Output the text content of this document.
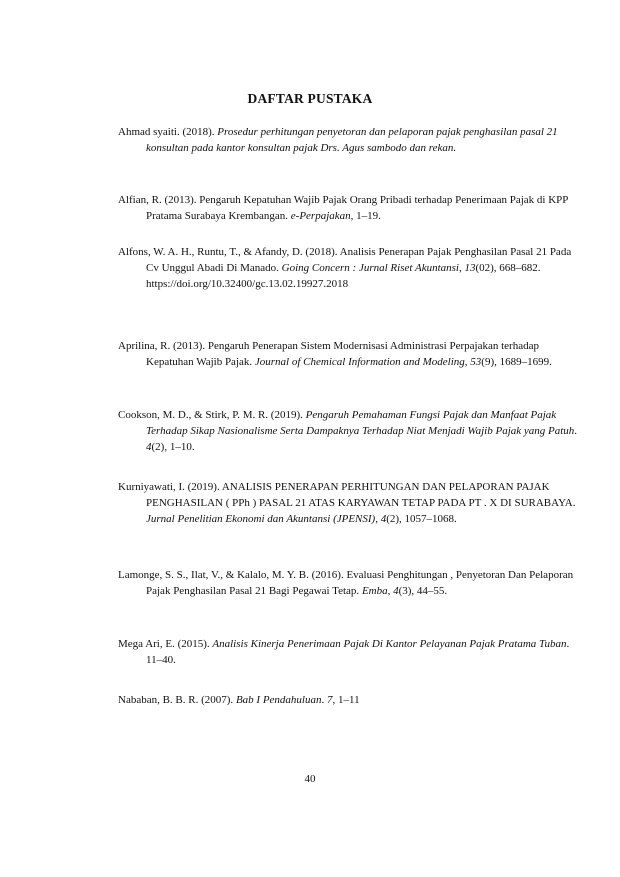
DAFTAR PUSTAKA
Ahmad syaiti. (2018). Prosedur perhitungan penyetoran dan pelaporan pajak penghasilan pasal 21 konsultan pada kantor konsultan pajak Drs. Agus sambodo dan rekan.
Alfian, R. (2013). Pengaruh Kepatuhan Wajib Pajak Orang Pribadi terhadap Penerimaan Pajak di KPP Pratama Surabaya Krembangan. e-Perpajakan, 1–19.
Alfons, W. A. H., Runtu, T., & Afandy, D. (2018). Analisis Penerapan Pajak Penghasilan Pasal 21 Pada Cv Unggul Abadi Di Manado. Going Concern : Jurnal Riset Akuntansi, 13(02), 668–682. https://doi.org/10.32400/gc.13.02.19927.2018
Aprilina, R. (2013). Pengaruh Penerapan Sistem Modernisasi Administrasi Perpajakan terhadap Kepatuhan Wajib Pajak. Journal of Chemical Information and Modeling, 53(9), 1689–1699.
Cookson, M. D., & Stirk, P. M. R. (2019). Pengaruh Pemahaman Fungsi Pajak dan Manfaat Pajak Terhadap Sikap Nasionalisme Serta Dampaknya Terhadap Niat Menjadi Wajib Pajak yang Patuh. 4(2), 1–10.
Kurniyawati, I. (2019). ANALISIS PENERAPAN PERHITUNGAN DAN PELAPORAN PAJAK PENGHASILAN ( PPh ) PASAL 21 ATAS KARYAWAN TETAP PADA PT . X DI SURABAYA. Jurnal Penelitian Ekonomi dan Akuntansi (JPENSI), 4(2), 1057–1068.
Lamonge, S. S., Ilat, V., & Kalalo, M. Y. B. (2016). Evaluasi Penghitungan , Penyetoran Dan Pelaporan Pajak Penghasilan Pasal 21 Bagi Pegawai Tetap. Emba, 4(3), 44–55.
Mega Ari, E. (2015). Analisis Kinerja Penerimaan Pajak Di Kantor Pelayanan Pajak Pratama Tuban. 11–40.
Nababan, B. B. R. (2007). Bab I Pendahuluan. 7, 1–11
40
